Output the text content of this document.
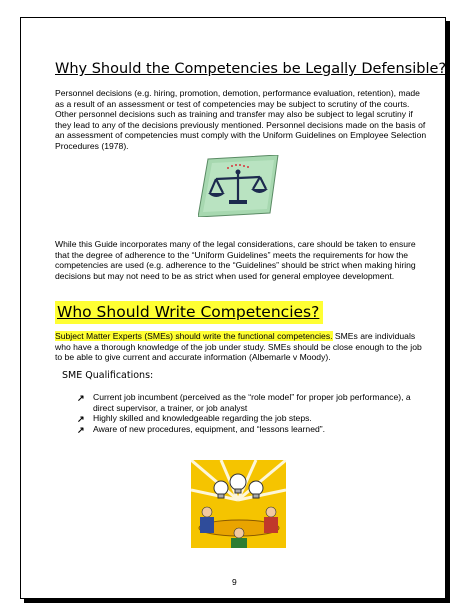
Why Should the Competencies be Legally Defensible?
Personnel decisions (e.g. hiring, promotion, demotion, performance evaluation, retention), made as a result of an assessment or test of competencies may be subject to scrutiny of the courts. Other personnel decisions such as training and transfer may also be subject to legal scrutiny if they lead to any of the decisions previously mentioned. Personnel decisions made on the basis of an assessment of competencies must comply with the Uniform Guidelines on Employee Selection Procedures (1978).
While this Guide incorporates many of the legal considerations, care should be taken to ensure that the degree of adherence to the “Uniform Guidelines” meets the requirements for how the competencies are used (e.g. adherence to the “Guidelines” should be strict when making hiring decisions but may not need to be as strict when used for general employee development.
Who Should Write Competencies?
Subject Matter Experts (SMEs) should write the functional competencies. SMEs are individuals who have a thorough knowledge of the job under study. SMEs should be close enough to the job to be able to give current and accurate information (Albemarle v Moody).
SME Qualifications:
↗ Current job incumbent (perceived as the “role model” for proper job performance), a direct supervisor, a trainer, or job analyst
↗ Highly skilled and knowledgeable regarding the job steps.
↗ Aware of new procedures, equipment, and “lessons learned”.
9
